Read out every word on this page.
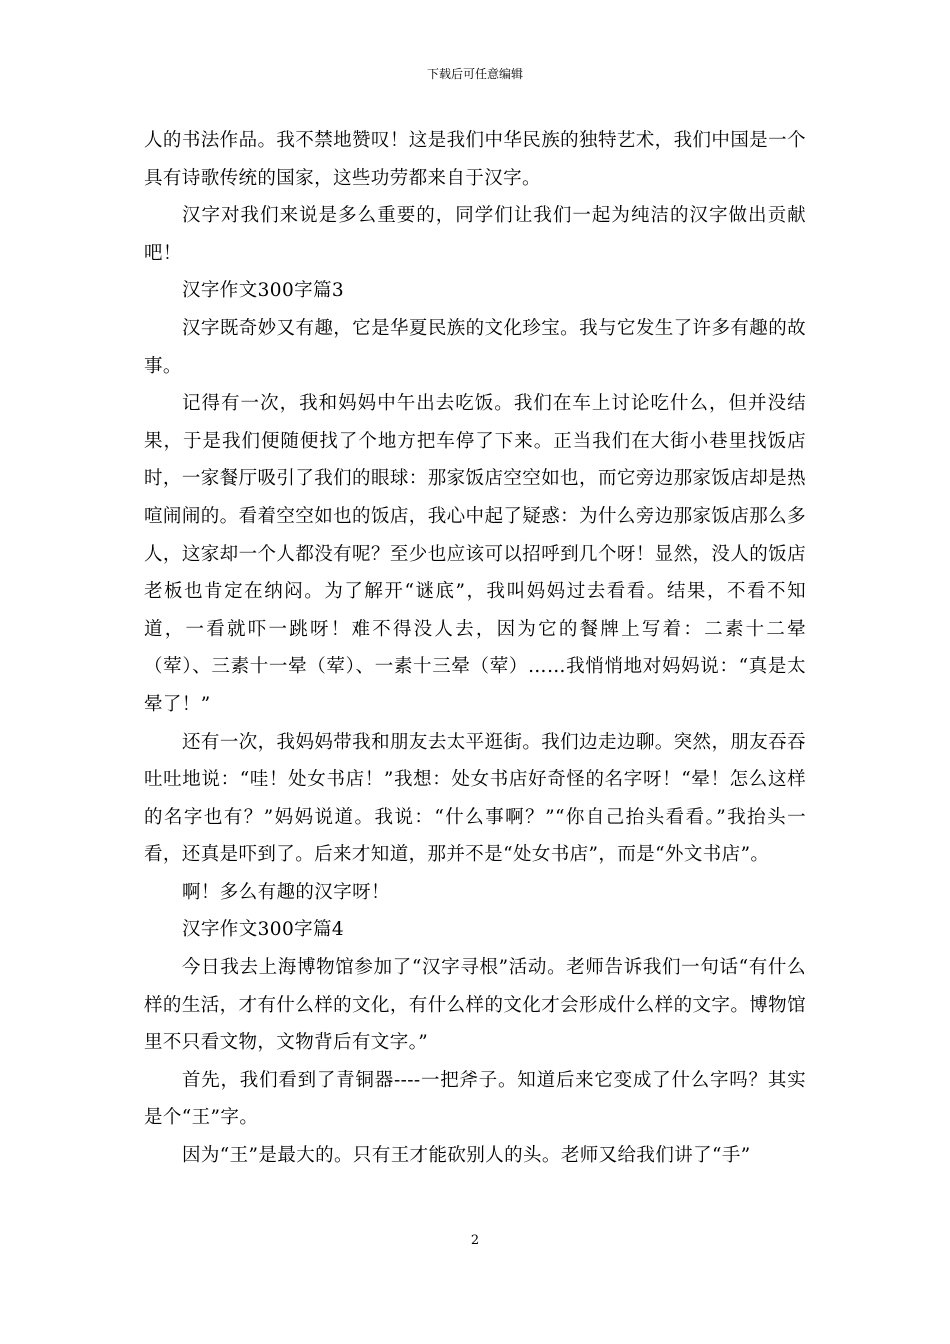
下载后可任意编辑

人的书法作品。我不禁地赞叹！这是我们中华民族的独特艺术，我们中国是一个具有诗歌传统的国家，这些功劳都来自于汉字。

汉字对我们来说是多么重要的，同学们让我们一起为纯洁的汉字做出贡献吧！

汉字作文300字篇3

汉字既奇妙又有趣，它是华夏民族的文化珍宝。我与它发生了许多有趣的故事。

记得有一次，我和妈妈中午出去吃饭。我们在车上讨论吃什么，但并没结果，于是我们便随便找了个地方把车停了下来。正当我们在大街小巷里找饭店时，一家餐厅吸引了我们的眼球：那家饭店空空如也，而它旁边那家饭店却是热喧闹闹的。看着空空如也的饭店，我心中起了疑惑：为什么旁边那家饭店那么多人，这家却一个人都没有呢？至少也应该可以招呼到几个呀！显然，没人的饭店老板也肯定在纳闷。为了解开“谜底”，我叫妈妈过去看看。结果，不看不知道，一看就吓一跳呀！难不得没人去，因为它的餐牌上写着：二素十二晕（荤）、三素十一晕（荤）、一素十三晕（荤）……我悄悄地对妈妈说：“真是太晕了！”

还有一次，我妈妈带我和朋友去太平逛街。我们边走边聊。突然，朋友吞吞吐吐地说：“哇！处女书店！”我想：处女书店好奇怪的名字呀！“晕！怎么这样的名字也有？”妈妈说道。我说：“什么事啊？”“你自己抬头看看。”我抬头一看，还真是吓到了。后来才知道，那并不是“处女书店”，而是“外文书店”。

啊！多么有趣的汉字呀！

汉字作文300字篇4

今日我去上海博物馆参加了“汉字寻根”活动。老师告诉我们一句话“有什么样的生活，才有什么样的文化，有什么样的文化才会形成什么样的文字。博物馆里不只看文物，文物背后有文字。”

首先，我们看到了青铜器----一把斧子。知道后来它变成了什么字吗？其实是个“王”字。

因为“王”是最大的。只有王才能砍别人的头。老师又给我们讲了“手”

2
